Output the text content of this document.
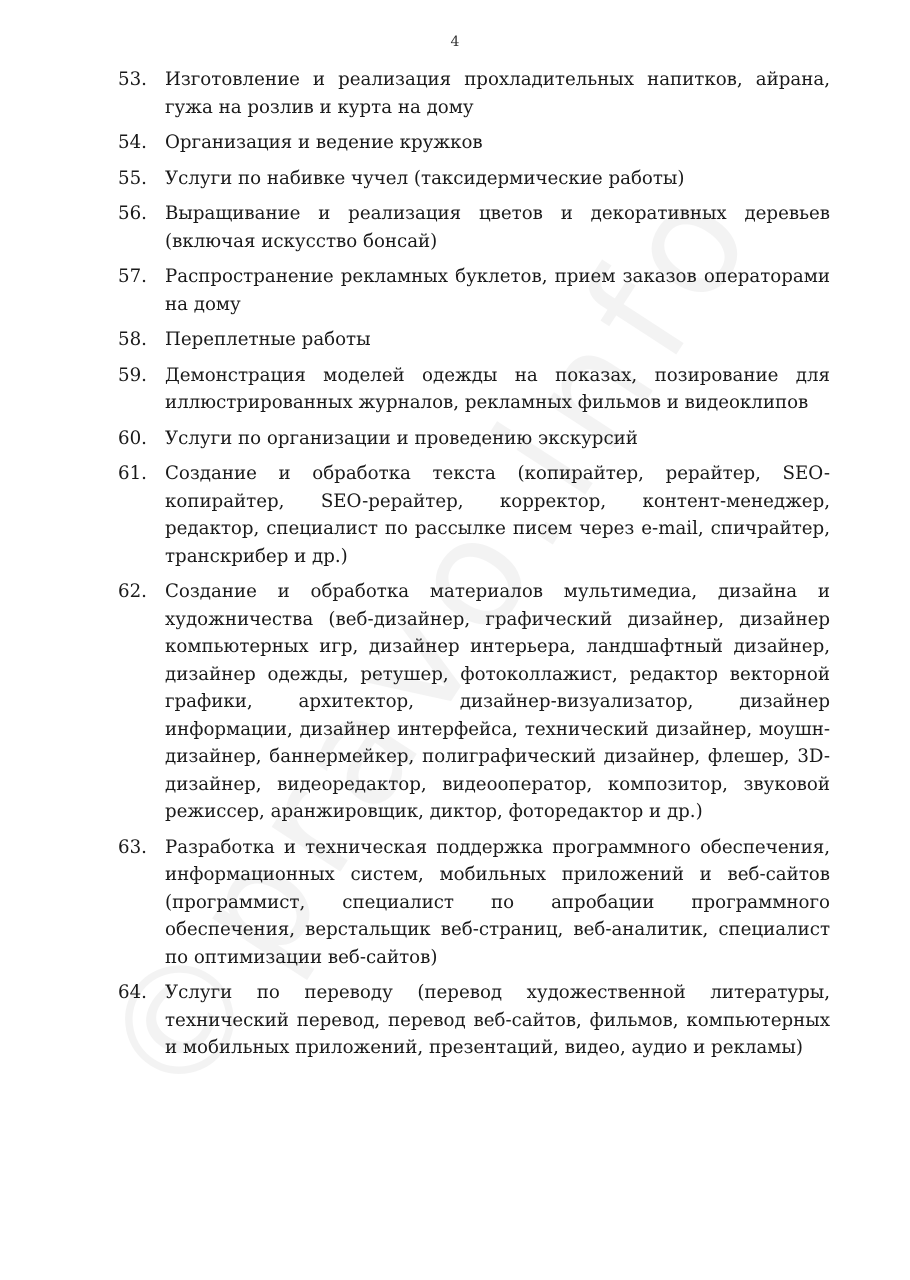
4
53. Изготовление и реализация прохладительных напитков, айрана, гужа на розлив и курта на дому
54. Организация и ведение кружков
55. Услуги по набивке чучел (таксидермические работы)
56. Выращивание и реализация цветов и декоративных деревьев (включая искусство бонсай)
57. Распространение рекламных буклетов, прием заказов операторами на дому
58. Переплетные работы
59. Демонстрация моделей одежды на показах, позирование для иллюстрированных журналов, рекламных фильмов и видеоклипов
60. Услуги по организации и проведению экскурсий
61. Создание и обработка текста (копирайтер, рерайтер, SEO-копирайтер, SEO-рерайтер, корректор, контент-менеджер, редактор, специалист по рассылке писем через e-mail, спичрайтер, транскрибер и др.)
62. Создание и обработка материалов мультимедиа, дизайна и художничества (веб-дизайнер, графический дизайнер, дизайнер компьютерных игр, дизайнер интерьера, ландшафтный дизайнер, дизайнер одежды, ретушер, фотоколлажист, редактор векторной графики, архитектор, дизайнер-визуализатор, дизайнер информации, дизайнер интерфейса, технический дизайнер, моушн-дизайнер, баннермейкер, полиграфический дизайнер, флешер, 3D-дизайнер, видеоредактор, видеооператор, композитор, звуковой режиссер, аранжировщик, диктор, фоторедактор и др.)
63. Разработка и техническая поддержка программного обеспечения, информационных систем, мобильных приложений и веб-сайтов (программист, специалист по апробации программного обеспечения, верстальщик веб-страниц, веб-аналитик, специалист по оптимизации веб-сайтов)
64. Услуги по переводу (перевод художественной литературы, технический перевод, перевод веб-сайтов, фильмов, компьютерных и мобильных приложений, презентаций, видео, аудио и рекламы)
